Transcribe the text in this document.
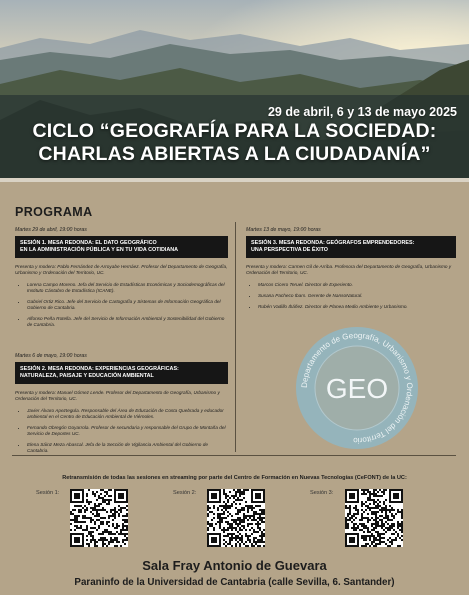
29 de abril, 6 y 13 de mayo 2025
CICLO “GEOGRAFÍA PARA LA SOCIEDAD:
CHARLAS ABIERTAS A LA CIUDADANÍA”
PROGRAMA
Martes 29 de abril, 19:00 horas
SESIÓN 1. MESA REDONDA: EL DATO GEOGRÁFICO
EN LA ADMINISTRACIÓN PÚBLICA Y EN TU VIDA COTIDIANA
Presenta y modera: Pablo Fernández de Arroyabe Hernáez. Profesor del Departamento de Geografía, Urbanismo y Ordenación del Territorio, UC.
• Lorena Campo Moreno. Jefa del Servicio de Estadísticas Económicas y Sociodemográficas del Instituto Cántabro de Estadística (ICANE).
• Gabriel Ortiz Rico. Jefe del Servicio de Cartografía y Sistemas de Información Geográfica del Gobierno de Cantabria.
• Alfonso Peña Rotella. Jefe del Servicio de Información Ambiental y Sostenibilidad del Gobierno de Cantabria.
Martes 6 de mayo, 19:00 horas
SESIÓN 2. MESA REDONDA: EXPERIENCIAS GEOGRÁFICAS:
NATURALEZA, PAISAJE Y EDUCACIÓN AMBIENTAL
Presenta y modera: Manuel Gómez Lende. Profesor del Departamento de Geografía, Urbanismo y Ordenación del Territorio, UC.
• Javier Álvaro Apeztegula. Responsable del Área de Educación de Costa Quebrada y educador ambiental en el Centro de Educación Ambiental de Viérnoles.
• Fernando Obregón Goyarrola. Profesor de secundaria y responsable del Grupo de Montaña del Servicio de Deportes UC.
• Elena Sáinz Meza Abascal. Jefa de la Sección de Vigilancia Ambiental del Gobierno de Cantabria.
Martes 13 de mayo, 19:00 horas
SESIÓN 3. MESA REDONDA: GEÓGRAFOS EMPRENDEDORES:
UNA PERSPECTIVA DE ÉXITO
Presenta y modera: Carmen Gil de Arriba. Profesora del Departamento de Geografía, Urbanismo y Ordenación del Territorio, UC.
• Marcos Cicero Teruel. Director de Experiento.
• Susana Pacheco Ibars. Gerente de NansoNatural.
• Rubén Vadillo Ibáñez. Director de Planea Medio Ambiente y Urbanismo.
Departamento de Geografía, Urbanismo y Ordenación del Territorio
GEO
Retransmisión de todas las sesiones en streaming por parte del Centro de Formación en Nuevas Tecnologías (CeFONT) de la UC:
Sesión 1:	Sesión 2:	Sesión 3:
Sala Fray Antonio de Guevara
Paraninfo de la Universidad de Cantabria (calle Sevilla, 6. Santander)
